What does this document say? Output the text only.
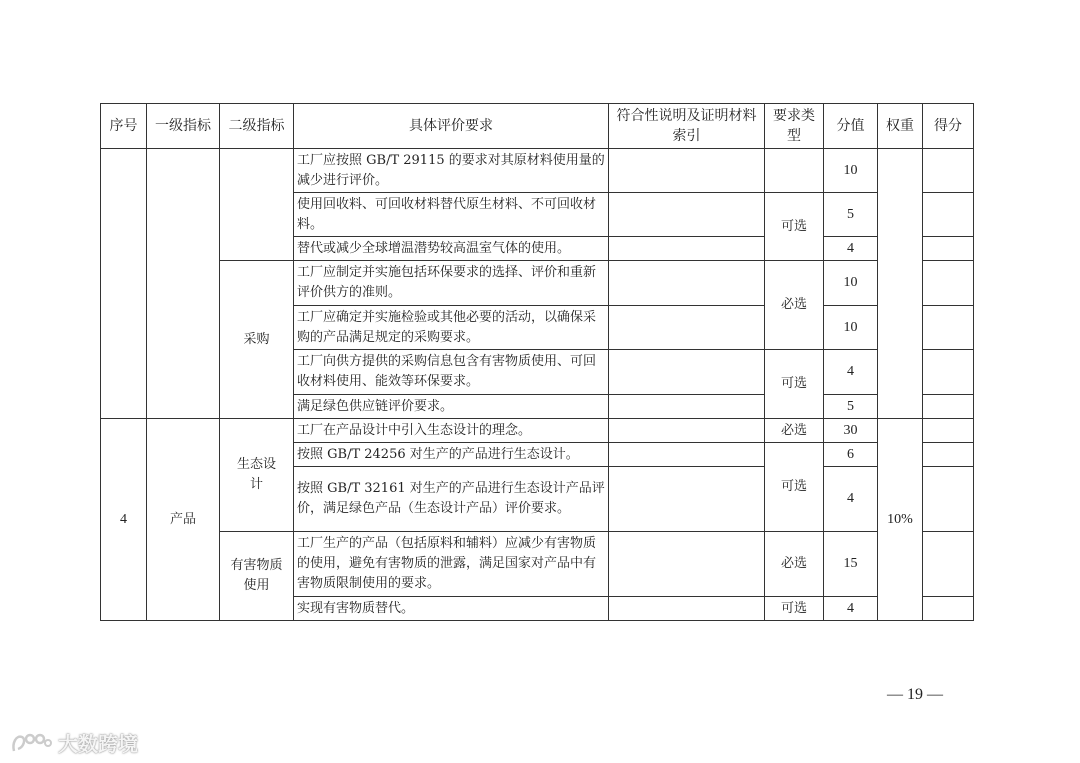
序号	一级指标	二级指标	具体评价要求	符合性说明及证明材料索引	要求类型	分值	权重	得分
			工厂应按照 GB/T 29115 的要求对其原材料使用量的减少进行评价。			10		
			使用回收料、可回收材料替代原生材料、不可回收材料。		可选	5		
			替代或减少全球增温潜势较高温室气体的使用。			4		
		采购	工厂应制定并实施包括环保要求的选择、评价和重新评价供方的准则。		必选	10		
			工厂应确定并实施检验或其他必要的活动，以确保采购的产品满足规定的采购要求。			10		
			工厂向供方提供的采购信息包含有害物质使用、可回收材料使用、能效等环保要求。		可选	4		
			满足绿色供应链评价要求。			5		
4	产品	生态设计	工厂在产品设计中引入生态设计的理念。		必选	30	10%	
			按照 GB/T 24256 对生产的产品进行生态设计。		可选	6		
			按照 GB/T 32161 对生产的产品进行生态设计产品评价，满足绿色产品（生态设计产品）评价要求。			4		
		有害物质使用	工厂生产的产品（包括原料和辅料）应减少有害物质的使用，避免有害物质的泄露，满足国家对产品中有害物质限制使用的要求。		必选	15		
			实现有害物质替代。		可选	4		
— 19 —
大数跨境
